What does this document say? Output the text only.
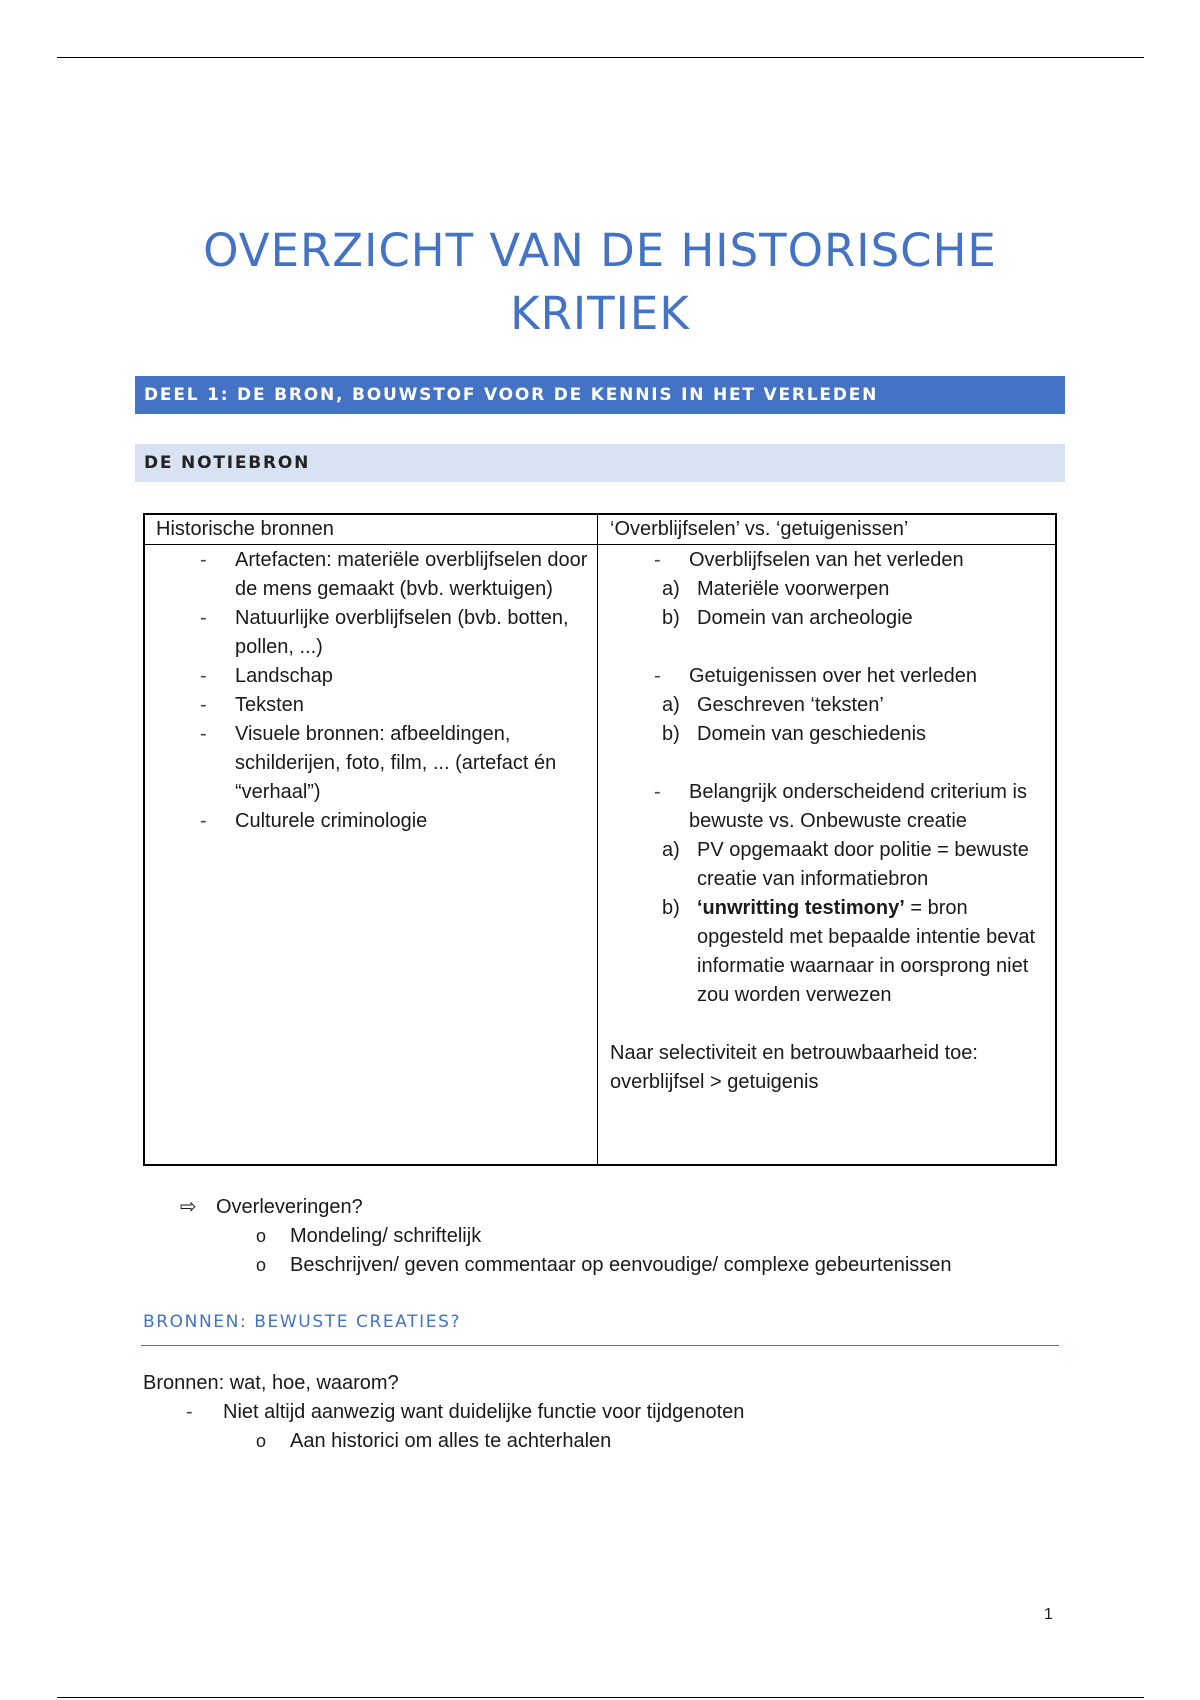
OVERZICHT VAN DE HISTORISCHE
KRITIEK
DEEL 1: DE BRON, BOUWSTOF VOOR DE KENNIS IN HET VERLEDEN
DE NOTIEBRON
Historische bronnen	‘Overblijfselen’ vs. ‘getuigenissen’
- Artefacten: materiële overblijfselen door de mens gemaakt (bvb. werktuigen)
- Natuurlijke overblijfselen (bvb. botten, pollen, ...)
- Landschap
- Teksten
- Visuele bronnen: afbeeldingen, schilderijen, foto, film, ... (artefact én “verhaal”)
- Culturele criminologie
- Overblijfselen van het verleden
a) Materiële voorwerpen
b) Domein van archeologie
- Getuigenissen over het verleden
a) Geschreven ‘teksten’
b) Domein van geschiedenis
- Belangrijk onderscheidend criterium is bewuste vs. Onbewuste creatie
a) PV opgemaakt door politie = bewuste creatie van informatiebron
b) ‘unwritting testimony’ = bron opgesteld met bepaalde intentie bevat informatie waarnaar in oorsprong niet zou worden verwezen
Naar selectiviteit en betrouwbaarheid toe: overblijfsel > getuigenis
⇨ Overleveringen?
o Mondeling/ schriftelijk
o Beschrijven/ geven commentaar op eenvoudige/ complexe gebeurtenissen
BRONNEN: BEWUSTE CREATIES?
Bronnen: wat, hoe, waarom?
- Niet altijd aanwezig want duidelijke functie voor tijdgenoten
o Aan historici om alles te achterhalen
1
